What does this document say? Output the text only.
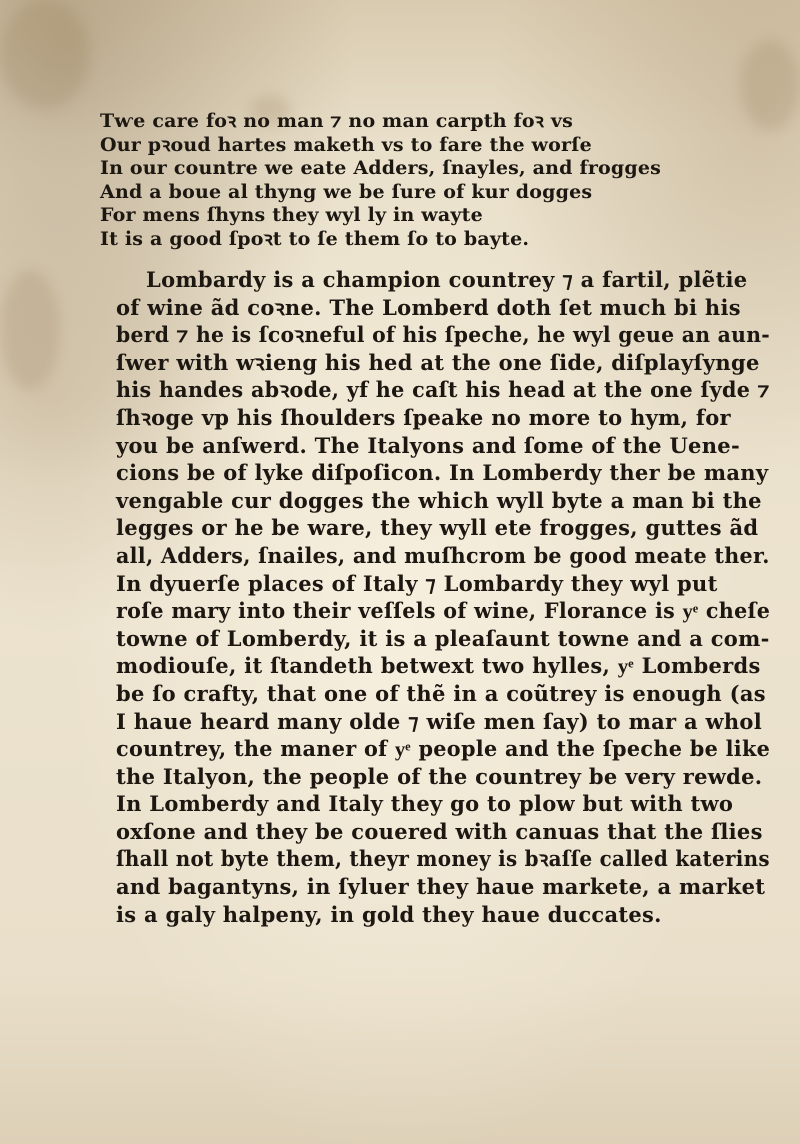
Tⱳe care foꝛ no man ⁊ no man carpth foꝛ vs
Our pꝛoud hartes maketh vs to fare the worſe
In our countre we eate Adders, ſnayles, and frogges
And a boue al thyng we be ſure of kur dogges
For mens ſhyns they wyl ly in wayte
It is a good ſpoꝛt to ſe them ſo to bayte.
Lombardy is a champion countrey ⁊ a fartil, plẽtie
of wine ãd coꝛne. The Lomberd doth ſet much bi his
berd ⁊ he is ſcoꝛneful of his ſpeche, he wyl geue an aun-
ſwer with wꝛieng his hed at the one ſide, diſplayſynge
his handes abꝛode, yf he caſt his head at the one ſyde ⁊
ſhꝛoge vp his ſhoulders ſpeake no more to hym, for
you be anſwerd. The Italyons and ſome of the Uene-
cions be of lyke diſpoſicon. In Lomberdy ther be many
vengable cur dogges the which wyll byte a man bi the
legges or he be ware, they wyll ete frogges, guttes ãd
all, Adders, ſnailes, and muſhcrom be good meate ther.
In dyuerſe places of Italy ⁊ Lombardy they wyl put
roſe mary into their veſſels of wine, Florance is yͤ cheſe
towne of Lomberdy, it is a pleaſaunt towne and a com-
modiouſe, it ſtandeth betwext two hylles, yͤ Lomberds
be ſo crafty, that one of thẽ in a coũtrey is enough (as
I haue heard many olde ⁊ wiſe men ſay) to mar a whol
countrey, the maner of yͤ people and the ſpeche be like
the Italyon, the people of the countrey be very rewde.
In Lomberdy and Italy they go to plow but with two
oxſone and they be couered with canuas that the ſlies
ſhall not byte them, theyr money is bꝛaſſe called katerins
and bagantyns, in ſyluer they haue markete, a market
is a galy halpeny, in gold they haue duccates.
